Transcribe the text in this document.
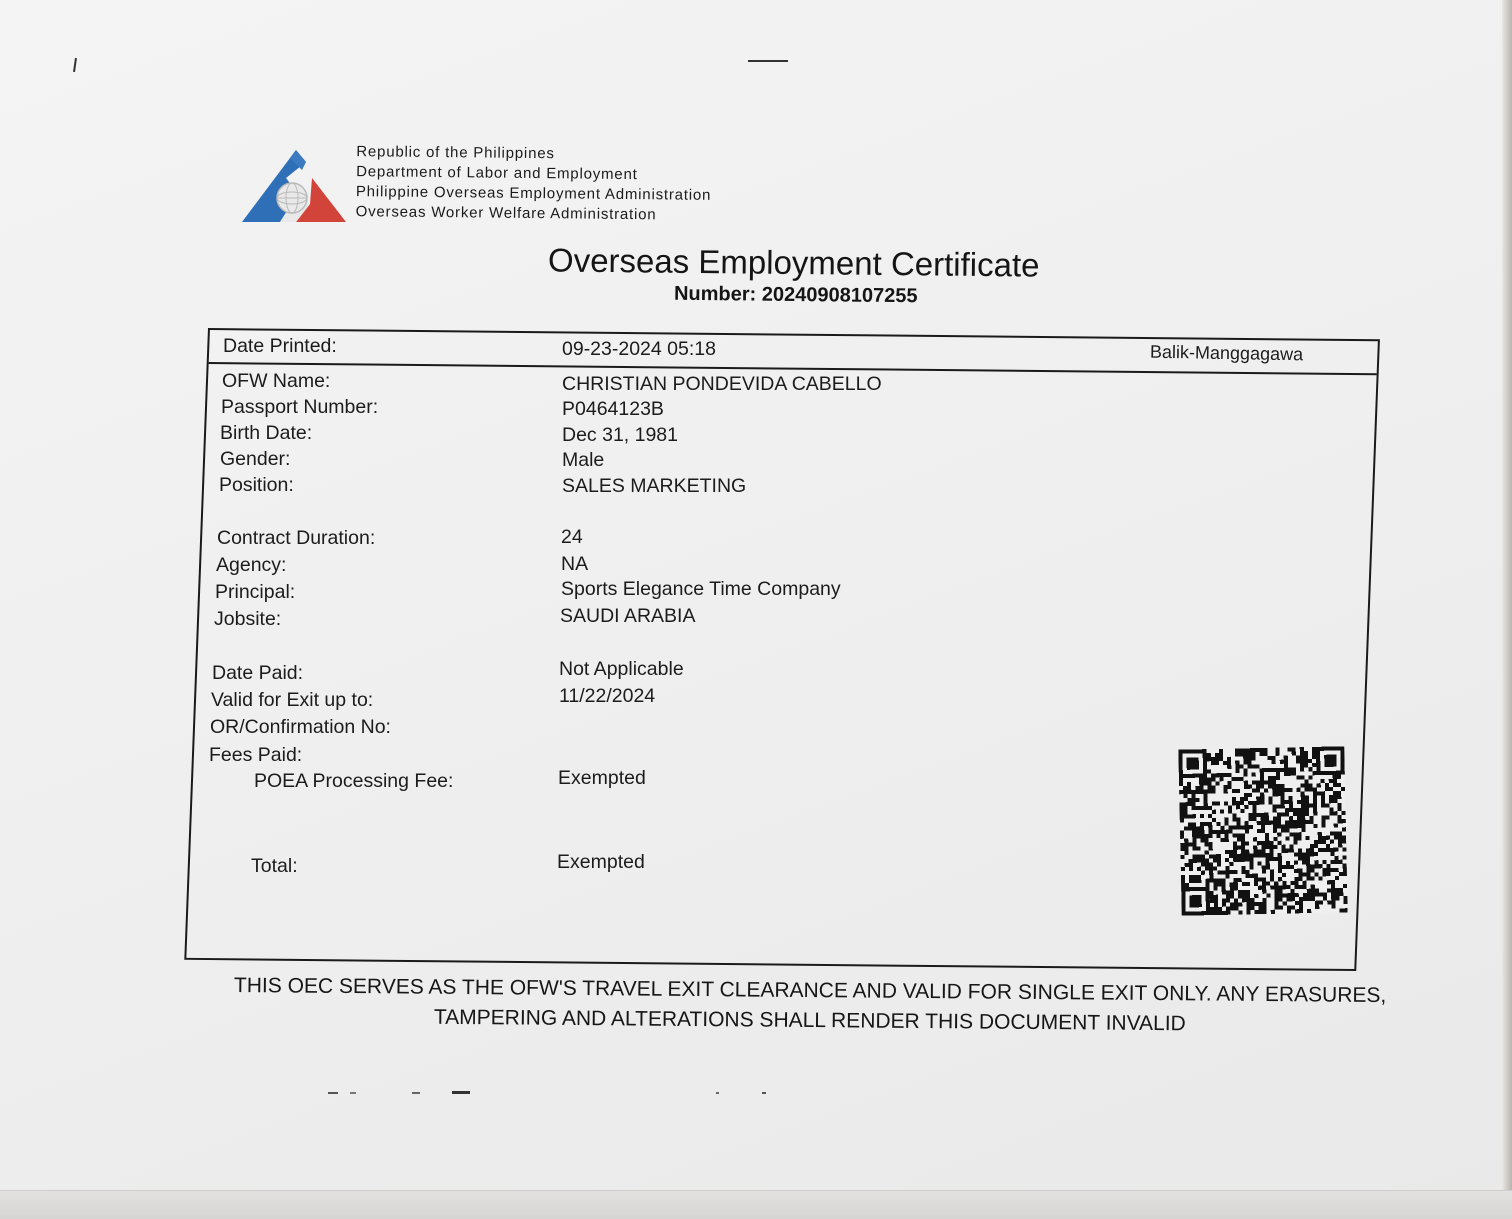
Republic of the Philippines
Department of Labor and Employment
Philippine Overseas Employment Administration
Overseas Worker Welfare Administration
Overseas Employment Certificate
Number: 20240908107255
Date Printed:	09-23-2024 05:18
OFW Name:	CHRISTIAN PONDEVIDA CABELLO
Passport Number:	P0464123B
Birth Date:	Dec 31, 1981
Gender:	Male
Position:	SALES MARKETING
Contract Duration:	24
Agency:	NA
Principal:	Sports Elegance Time Company
Jobsite:	SAUDI ARABIA
Date Paid:	Not Applicable
Valid for Exit up to:	11/22/2024
OR/Confirmation No:
Fees Paid:
POEA Processing Fee:	Exempted
Total:	Exempted
Balik-Manggagawa
THIS OEC SERVES AS THE OFW'S TRAVEL EXIT CLEARANCE AND VALID FOR SINGLE EXIT ONLY. ANY ERASURES,
TAMPERING AND ALTERATIONS SHALL RENDER THIS DOCUMENT INVALID
